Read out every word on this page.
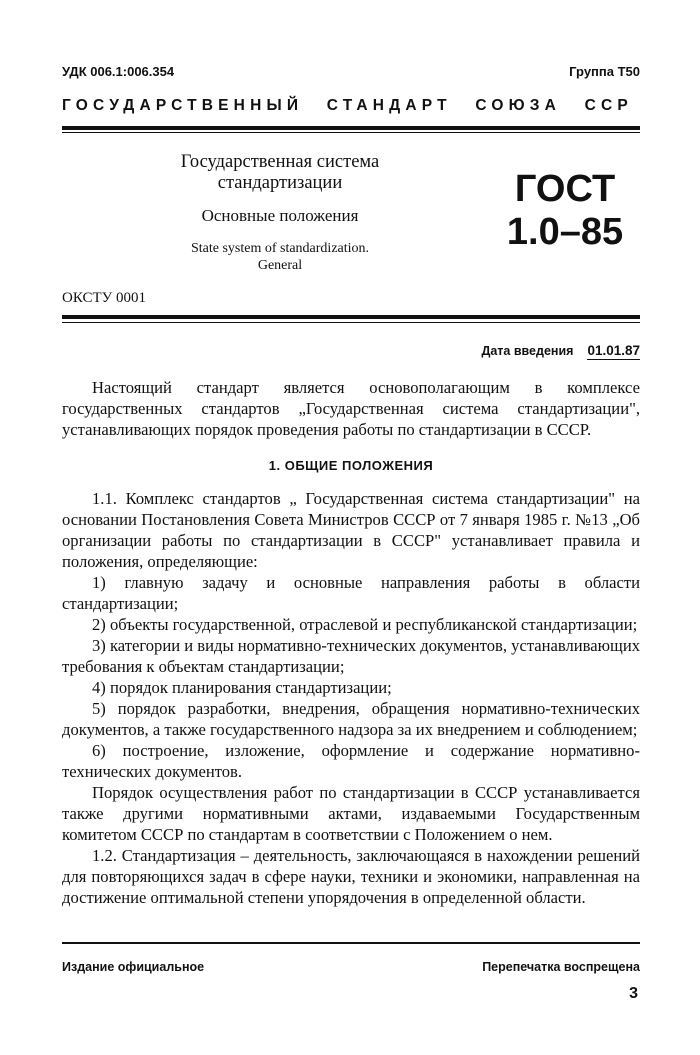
УДК 006.1:006.354	Группа Т50
ГОСУДАРСТВЕННЫЙ СТАНДАРТ СОЮЗА ССР
Государственная система
стандартизации
Основные положения
State system of standardization.
General
ГОСТ
1.0–85
ОКСТУ 0001
Дата введения 01.01.87

Настоящий стандарт является основополагающим в комплексе государственных стандартов „Государственная система стандартизации", устанавливающих порядок проведения работы по стандартизации в СССР.

1. ОБЩИЕ ПОЛОЖЕНИЯ

1.1. Комплекс стандартов „ Государственная система стандартизации" на основании Постановления Совета Министров СССР от 7 января 1985 г. №13 „Об организации работы по стандартизации в СССР" устанавливает правила и положения, определяющие:

1) главную задачу и основные направления работы в области стандартизации;

2) объекты государственной, отраслевой и республиканской стандартизации;

3) категории и виды нормативно-технических документов, устанавливающих требования к объектам стандартизации;

4) порядок планирования стандартизации;

5) порядок разработки, внедрения, обращения нормативно-технических документов, а также государственного надзора за их внедрением и соблюдением;

6) построение, изложение, оформление и содержание нормативно-технических документов.

Порядок осуществления работ по стандартизации в СССР устанавливается также другими нормативными актами, издаваемыми Государственным комитетом СССР по стандартам в соответствии с Положением о нем.

1.2. Стандартизация – деятельность, заключающаяся в нахождении решений для повторяющихся задач в сфере науки, техники и экономики, направленная на достижение оптимальной степени упорядочения в определенной области.

Издание официальное	Перепечатка воспрещена
3
